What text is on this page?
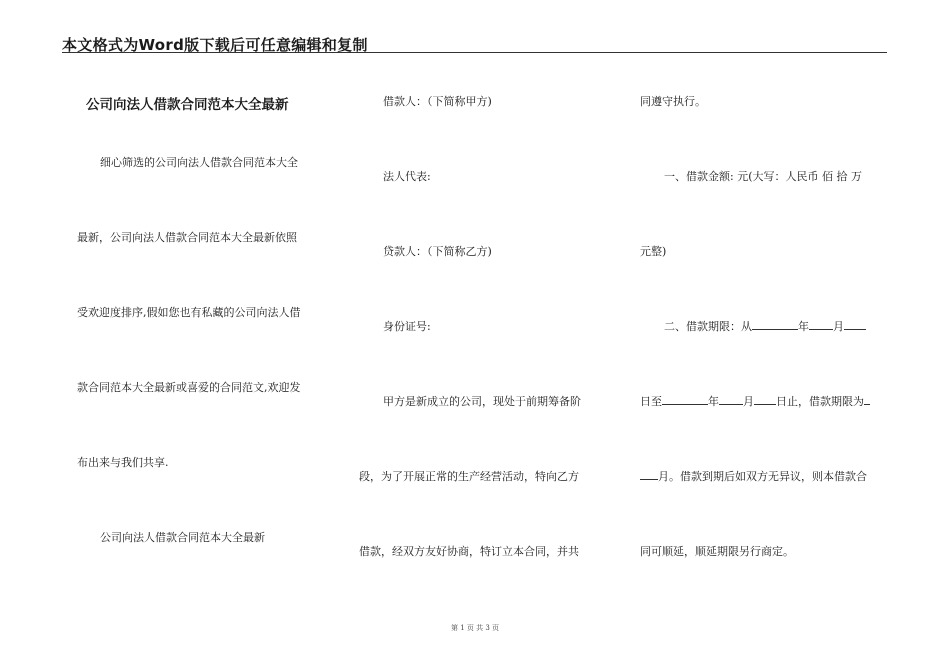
本文格式为Word版下载后可任意编辑和复制
公司向法人借款合同范本大全最新
细心筛选的公司向法人借款合同范本大全
最新，公司向法人借款合同范本大全最新依照
受欢迎度排序,假如您也有私藏的公司向法人借
款合同范本大全最新或喜爱的合同范文,欢迎发
布出来与我们共享.
公司向法人借款合同范本大全最新
借款人：（下简称甲方)
法人代表:
贷款人：（下简称乙方)
身份证号:
甲方是新成立的公司，现处于前期筹备阶
段，为了开展正常的生产经营活动，特向乙方
借款，经双方友好协商，特订立本合同，并共
同遵守执行。
一、借款金额: 元(大写：人民币 佰 拾 万
元整)
二、借款期限：从	年 月
日至	年 月 日止，借款期限为
月。借款到期后如双方无异议，则本借款合
同可顺延，顺延期限另行商定。
第 1 页 共 3 页
